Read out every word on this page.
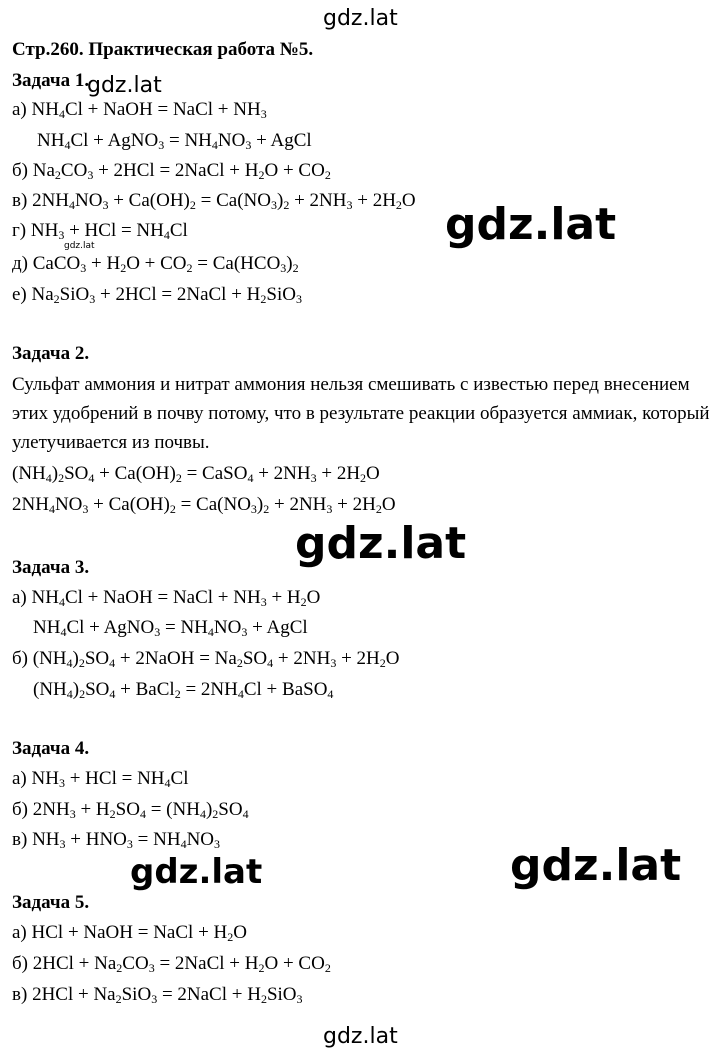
gdz.lat
Стр.260. Практическая работа №5.
Задача 1.
gdz.lat
а) $NH_4Cl$ + NaOH = NaCl + $NH_3$
$NH_4Cl$ + AgNO$_3$ = $NH_4NO_3$ + AgCl
б) $Na_2CO_3 + 2HCl$ = 2NaCl + $H_2O + CO_2$
в) $2NH_4NO_3 + Ca(OH)_2 = Ca(NO_3)_2 + 2NH_3 + 2H_2O$
г) $NH_3$ + HCl = $NH_4Cl$
gdz.lat
д) CaCO$_3$ + $H_2O + CO_2 = Ca(HCO_3)_2$
е) $Na_2SiO_3 + 2HCl$ = 2NaCl + $H_2SiO_3$
gdz.lat
Задача 2.
Сульфат аммония и нитрат аммония нельзя смешивать с известью перед внесением этих удобрений в почву потому, что в результате реакции образуется аммиак, который улетучивается из почвы.
$(NH_4)_2SO_4 + Ca(OH)_2$ = CaSO$_4$ + $2NH_3 + 2H_2O$
$2NH_4NO_3 + Ca(OH)_2 = Ca(NO_3)_2 + 2NH_3 + 2H_2O$
gdz.lat
Задача 3.
а) $NH_4Cl$ + NaOH = NaCl + $NH_3 + H_2O$
$NH_4Cl$ + AgNO$_3$ = $NH_4NO_3$ + AgCl
б) $(NH_4)_2SO_4$ + 2NaOH = $Na_2SO_4 + 2NH_3 + 2H_2O$
$(NH_4)_2SO_4$ + BaCl$_2$ = $2NH_4Cl$ + BaSO$_4$
Задача 4.
а) $NH_3$ + HCl = $NH_4Cl$
б) $2NH_3 + H_2SO_4 = (NH_4)_2SO_4$
в) $NH_3 + HNO_3 = NH_4NO_3$
gdz.lat	gdz.lat
Задача 5.
а) HCl + NaOH = NaCl + $H_2O$
б) $2HCl + Na_2CO_3$ = 2NaCl + $H_2O + CO_2$
в) $2HCl + Na_2SiO_3$ = 2NaCl + $H_2SiO_3$
gdz.lat
